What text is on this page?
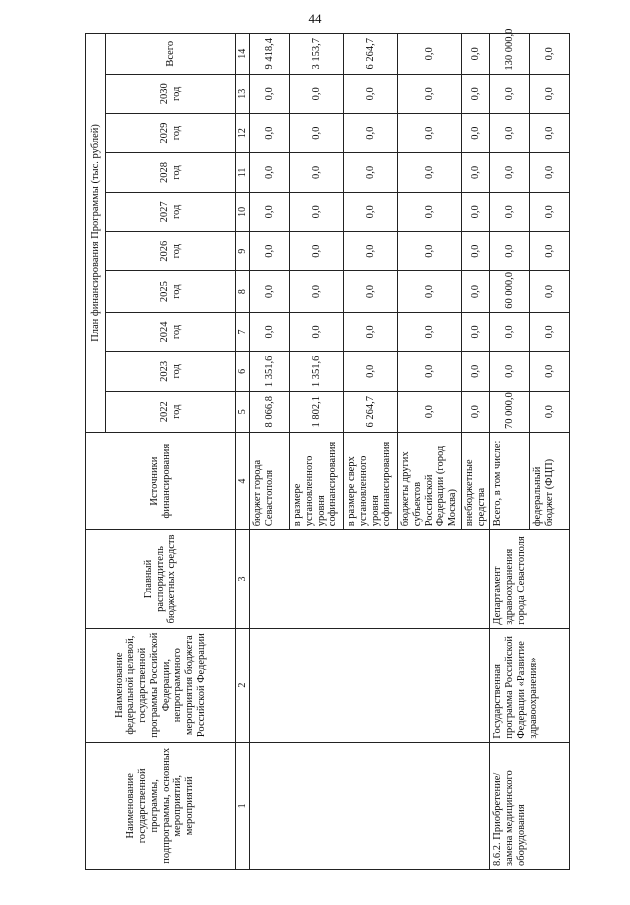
44
Наименование государственной программы, подпрограммы, основных мероприятий, мероприятий	Наименование федеральной целевой, государственной программы Российской Федерации, непрограммного мероприятия бюджета Российской Федерации	Главный распорядитель бюджетных средств	Источники финансирования	План финансирования Программы (тыс. рублей)									
				2022 год	2023 год	2024 год	2025 год	2026 год	2027 год	2028 год	2029 год	2030 год	Всего
1	2	3	4	5	6	7	8	9	10	11	12	13	14
			бюджет города Севастополя	8 066,8	1 351,6	0,0	0,0	0,0	0,0	0,0	0,0	0,0	9 418,4
			в размере установленного уровня софинансирования	1 802,1	1 351,6	0,0	0,0	0,0	0,0	0,0	0,0	0,0	3 153,7
			в размере сверх установленного уровня софинансирования	6 264,7	0,0	0,0	0,0	0,0	0,0	0,0	0,0	0,0	6 264,7
			бюджеты других субъектов Российской Федерации (город Москва)	0,0	0,0	0,0	0,0	0,0	0,0	0,0	0,0	0,0	0,0
			внебюджетные средства	0,0	0,0	0,0	0,0	0,0	0,0	0,0	0,0	0,0	0,0
8.6.2. Приобретение/ замена медицинского оборудования	Государственная программа Российской Федерации «Развитие здравоохранения»	Департамент здравоохранения города Севастополя	Всего, в том числе:	70 000,0	0,0	0,0	60 000,0	0,0	0,0	0,0	0,0	0,0	130 000,0
			федеральный бюджет (ФЦП)	0,0	0,0	0,0	0,0	0,0	0,0	0,0	0,0	0,0	0,0
